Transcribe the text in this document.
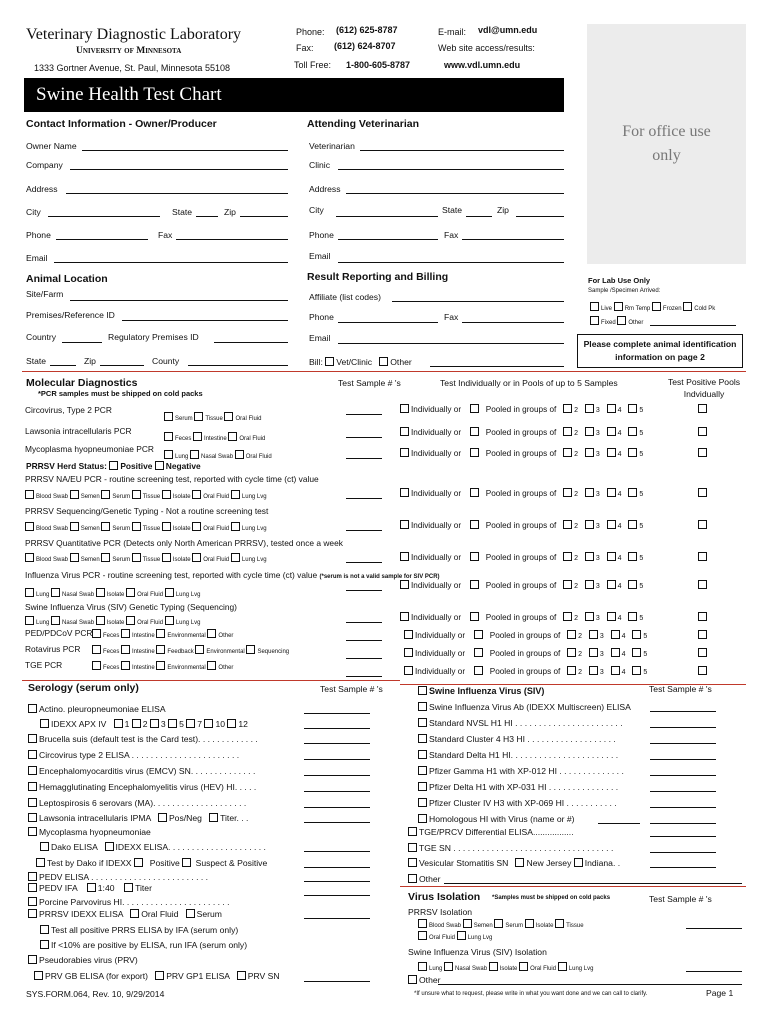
Veterinary Diagnostic Laboratory
University of Minnesota
1333 Gortner Avenue, St. Paul, Minnesota 55108
Phone: (612) 625-8787
Fax: (612) 624-8707
Toll Free: 1-800-605-8787
E-mail: vdl@umn.edu
Web site access/results:
www.vdl.umn.edu
Swine Health Test Chart
For office use only
Contact Information - Owner/Producer	Attending Veterinarian
Owner Name
Company
Address
City	State	Zip
Phone	Fax
Email
Veterinarian
Clinic
Address
City	State	Zip
Phone	Fax
Email
Animal Location	Result Reporting and Billing
Site/Farm
Premises/Reference ID
Country	Regulatory Premises ID
State	Zip	County
Affiliate (list codes)
Phone	Fax
Email
Bill: Vet/Clinic Other
For Lab Use Only
Sample /Specimen Arrived:
Live Rm Temp Frozen Cold Pk
Fixed Other
Please complete animal identification information on page 2
Molecular Diagnostics
*PCR samples must be shipped on cold packs
Test Sample # 's	Test Individually or in Pools of up to 5 Samples	Test Positive Pools Indvidually
Circovirus, Type 2 PCR
Serum Tissue Oral Fluid
Individually or	Pooled in groups of	2	3	4	5
Lawsonia intracellularis PCR
Feces Intestine Oral Fluid
Individually or	Pooled in groups of	2	3	4	5
Mycoplasma hyopneumoniae PCR
Lung Nasal Swab Oral Fluid	Individually or	Pooled in groups of	2	3	4	5
PRRSV NA/EU PCR - routine screening test, reported with cycle time (ct) value
Blood Swab Semen Serum Tissue Isolate Oral Fluid Lung Lvg	Individually or	Pooled in groups of	2	3	4	5
PRRSV Sequencing/Genetic Typing - Not a routine screening test
Blood Swab Semen Serum Tissue Isolate Oral Fluid Lung Lvg	Individually or	Pooled in groups of	2	3	4	5
PRRSV Quantitative PCR (Detects only North American PRRSV), tested once a week
Blood Swab Semen Serum Tissue Isolate Oral Fluid Lung Lvg	Individually or	Pooled in groups of	2	3	4	5
Influenza Virus PCR - routine screening test, reported with cycle time (ct) value (*serum is not a valid sample for SIV PCR)
Lung Nasal Swab Isolate Oral Fluid Lung Lvg
Individually or	Pooled in groups of	2	3	4	5
Swine Influenza Virus (SIV) Genetic Typing (Sequencing)
Lung Nasal Swab Isolate Oral Fluid Lung Lvg
Individually or	Pooled in groups of	2	3	4	5
PED/PDCoV PCR	Feces Intestine Environmental Other	Individually or	Pooled in groups of	2	3	4	5
Rotavirus PCR	Feces Intestine Feedback Environmental Sequencing	Individually or	Pooled in groups of	2	3	4	5
TGE PCR	Feces Intestine Environmental Other	Individually or	Pooled in groups of	2	3	4	5
PRRSV Herd Status: Positive Negative
Serology (serum only)	Test Sample # 's
Actino. pleuropneumoniae ELISA
IDEXX APX IV 1 2 3 5 7 10 12
Brucella suis (default test is the Card test). . . . . . . . . . . . .
Circovirus type 2 ELISA . . . . . . . . . . . . . . . . . . . . . . .
Encephalomyocarditis virus (EMCV) SN. . . . . . . . . . . . . .
Hemagglutinating Encephalomyelitis virus (HEV) HI. . . . .
Leptospirosis 6 serovars (MA). . . . . . . . . . . . . . . . . . . .
Lawsonia intracellularis IPMA Pos/Neg Titer. . .
Mycoplasma hyopneumoniae
Dako ELISA IDEXX ELISA. . . . . . . . . . . . . . . . . . . . .
Test by Dako if IDEXX Positive Suspect & Positive
PEDV ELISA . . . . . . . . . . . . . . . . . . . . . . . . .
PEDV IFA 1:40 Titer
Porcine Parvovirus HI. . . . . . . . . . . . . . . . . . . . . . .
PRRSV IDEXX ELISA Oral Fluid Serum
Test all positive PRRS ELISA by IFA (serum only)
If <10% are positive by ELISA, run IFA (serum only)
Pseudorabies virus (PRV)
PRV GB ELISA (for export) PRV GP1 ELISA PRV SN
Swine Influenza Virus (SIV)	Test Sample # 's
Swine Influenza Virus Ab (IDEXX Multiscreen) ELISA
Standard NVSL H1 HI . . . . . . . . . . . . . . . . . . . . . . .
Standard Cluster 4 H3 HI . . . . . . . . . . . . . . . . . . .
Standard Delta H1 HI. . . . . . . . . . . . . . . . . . . . . . .
Pfizer Gamma H1 with XP-012 HI . . . . . . . . . . . . . .
Pfizer Delta H1 with XP-031 HI . . . . . . . . . . . . . . .
Pfizer Cluster IV H3 with XP-069 HI . . . . . . . . . . .
Homologous HI with Virus (name or #)
TGE/PRCV Differential ELISA.................
TGE SN . . . . . . . . . . . . . . . . . . . . . . . . . . . . . . . . . .
Vesicular Stomatitis SN New Jersey Indiana. .
Other
Virus Isolation *Samples must be shipped on cold packs	Test Sample # 's
PRRSV Isolation
Blood Swab Semen Serum Isolate Tissue
Oral Fluid Lung Lvg
Swine Influenza Virus (SIV) Isolation
Lung Nasal Swab Isolate Oral Fluid Lung Lvg
Other
SYS.FORM.064, Rev. 10, 9/29/2014	*If unsure what to request, please write in what you want done and we can call to clarify.	Page 1
